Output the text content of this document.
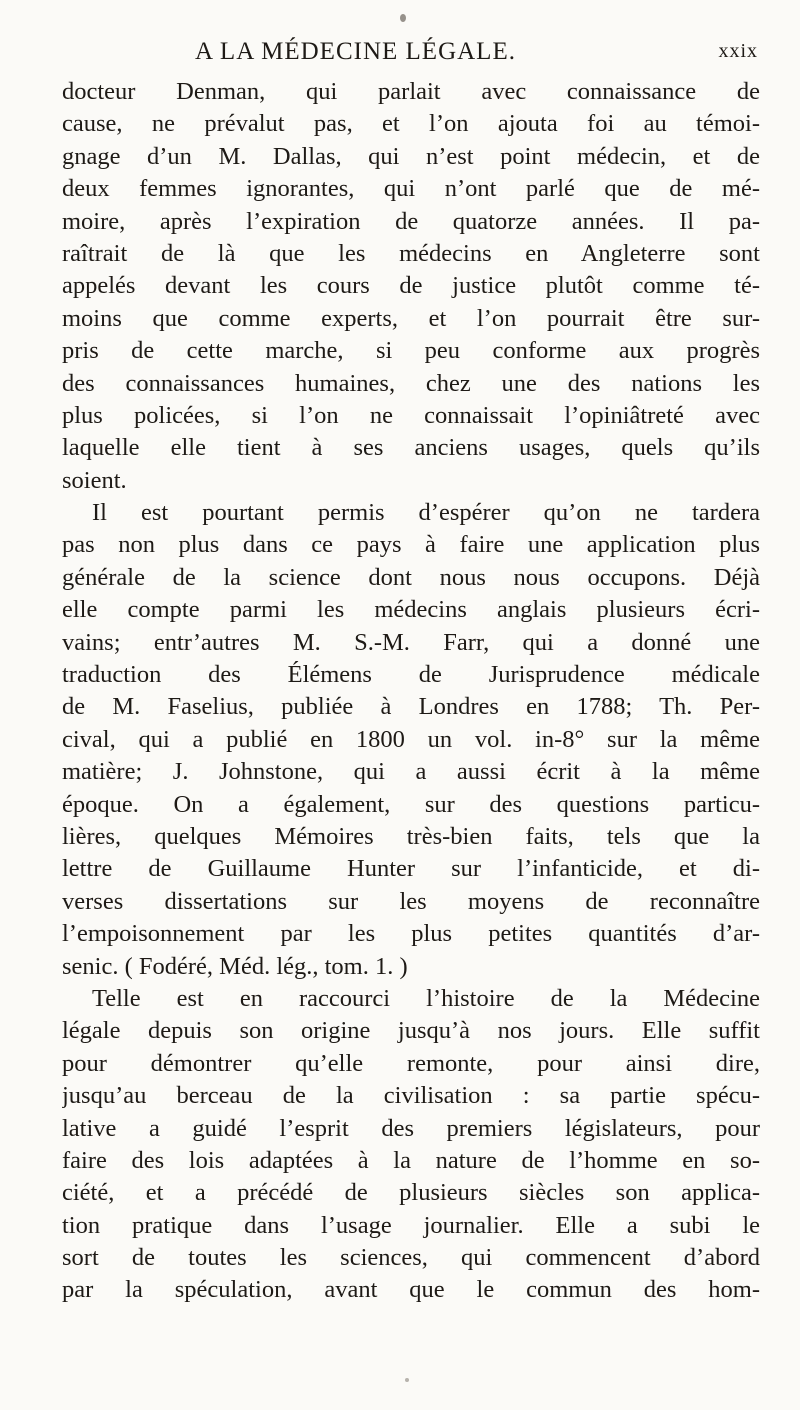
A LA MÉDECINE LÉGALE.	xxix
docteur Denman, qui parlait avec connaissance de
cause, ne prévalut pas, et l’on ajouta foi au témoi-
gnage d’un M. Dallas, qui n’est point médecin, et de
deux femmes ignorantes, qui n’ont parlé que de mé-
moire, après l’expiration de quatorze années. Il pa-
raîtrait de là que les médecins en Angleterre sont
appelés devant les cours de justice plutôt comme té-
moins que comme experts, et l’on pourrait être sur-
pris de cette marche, si peu conforme aux progrès
des connaissances humaines, chez une des nations les
plus policées, si l’on ne connaissait l’opiniâtreté avec
laquelle elle tient à ses anciens usages, quels qu’ils
soient.
Il est pourtant permis d’espérer qu’on ne tardera
pas non plus dans ce pays à faire une application plus
générale de la science dont nous nous occupons. Déjà
elle compte parmi les médecins anglais plusieurs écri-
vains; entr’autres M. S.-M. Farr, qui a donné une
traduction des Élémens de Jurisprudence médicale
de M. Faselius, publiée à Londres en 1788; Th. Per-
cival, qui a publié en 1800 un vol. in-8° sur la même
matière; J. Johnstone, qui a aussi écrit à la même
époque. On a également, sur des questions particu-
lières, quelques Mémoires très-bien faits, tels que la
lettre de Guillaume Hunter sur l’infanticide, et di-
verses dissertations sur les moyens de reconnaître
l’empoisonnement par les plus petites quantités d’ar-
senic. ( Fodéré, Méd. lég., tom. 1. )
Telle est en raccourci l’histoire de la Médecine
légale depuis son origine jusqu’à nos jours. Elle suffit
pour démontrer qu’elle remonte, pour ainsi dire,
jusqu’au berceau de la civilisation : sa partie spécu-
lative a guidé l’esprit des premiers législateurs, pour
faire des lois adaptées à la nature de l’homme en so-
ciété, et a précédé de plusieurs siècles son applica-
tion pratique dans l’usage journalier. Elle a subi le
sort de toutes les sciences, qui commencent d’abord
par la spéculation, avant que le commun des hom-
